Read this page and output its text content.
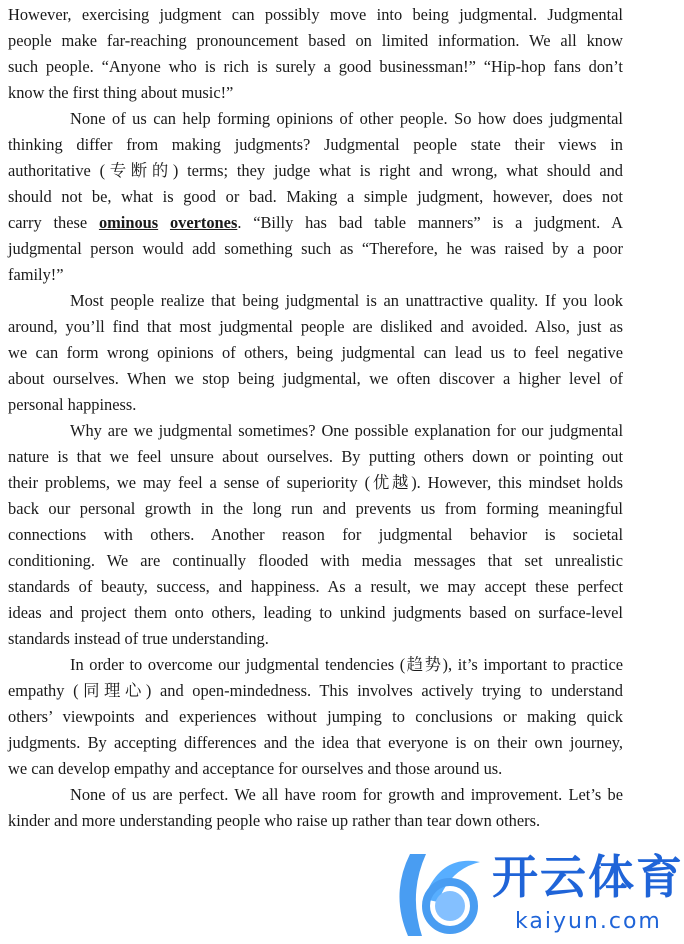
However, exercising judgment can possibly move into being judgmental. Judgmental
people make far-reaching pronouncement based on limited information. We all know
such people. “Anyone who is rich is surely a good businessman!” “Hip-hop fans don’t
know the first thing about music!”
None of us can help forming opinions of other people. So how does judgmental
thinking differ from making judgments? Judgmental people state their views in
authoritative (专断的) terms; they judge what is right and wrong, what should and
should not be, what is good or bad. Making a simple judgment, however, does not
carry these ominous overtones. “Billy has bad table manners” is a judgment. A
judgmental person would add something such as “Therefore, he was raised by a poor
family!”
Most people realize that being judgmental is an unattractive quality. If you look
around, you’ll find that most judgmental people are disliked and avoided. Also, just as
we can form wrong opinions of others, being judgmental can lead us to feel negative
about ourselves. When we stop being judgmental, we often discover a higher level of
personal happiness.
Why are we judgmental sometimes? One possible explanation for our judgmental
nature is that we feel unsure about ourselves. By putting others down or pointing out
their problems, we may feel a sense of superiority (优越). However, this mindset holds
back our personal growth in the long run and prevents us from forming meaningful
connections with others. Another reason for judgmental behavior is societal
conditioning. We are continually flooded with media messages that set unrealistic
standards of beauty, success, and happiness. As a result, we may accept these perfect
ideas and project them onto others, leading to unkind judgments based on surface-level
standards instead of true understanding.
In order to overcome our judgmental tendencies (趋势), it’s important to practice
empathy (同理心) and open-mindedness. This involves actively trying to understand
others’ viewpoints and experiences without jumping to conclusions or making quick
judgments. By accepting differences and the idea that everyone is on their own journey,
we can develop empathy and acceptance for ourselves and those around us.
None of us are perfect. We all have room for growth and improvement. Let’s be
kinder and more understanding people who raise up rather than tear down others.
开云体育
kaiyun.com
